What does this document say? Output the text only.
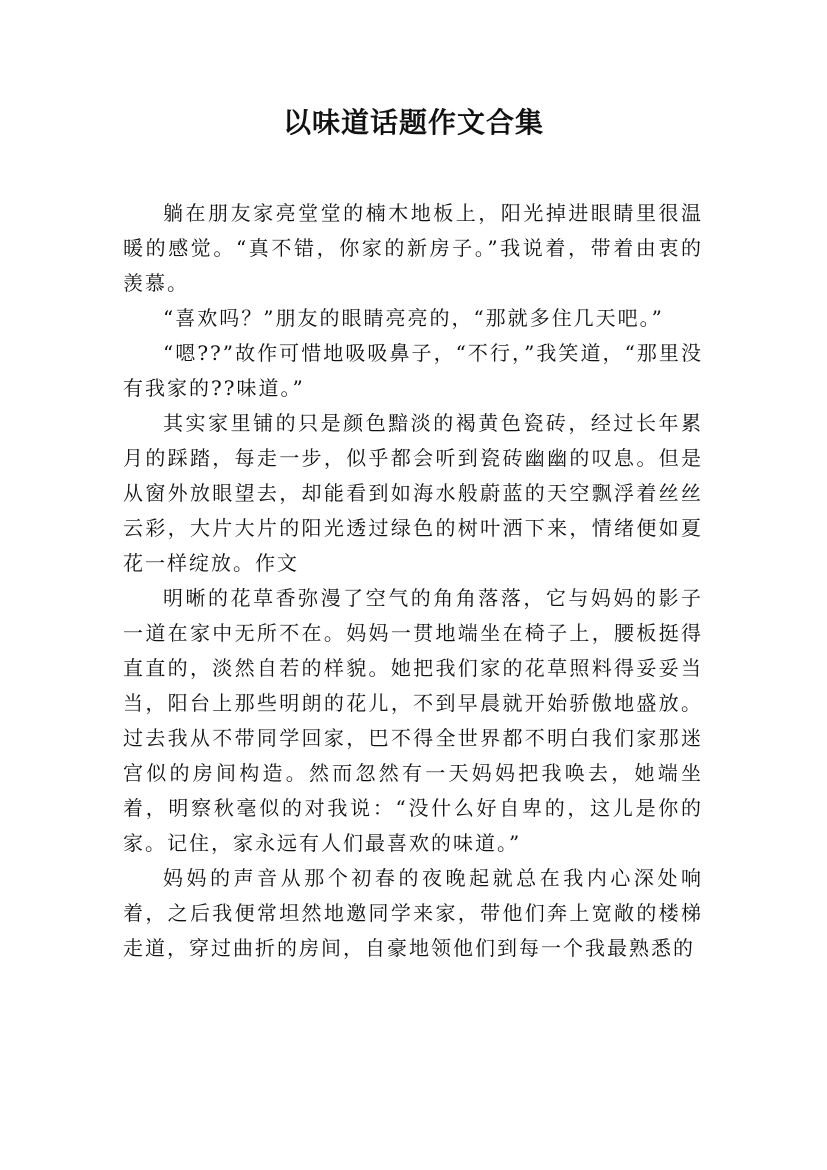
以味道话题作文合集

躺在朋友家亮堂堂的楠木地板上，阳光掉进眼睛里很温暖的感觉。“真不错，你家的新房子。”我说着，带着由衷的羡慕。

“喜欢吗？”朋友的眼睛亮亮的，“那就多住几天吧。”

“嗯??”故作可惜地吸吸鼻子，“不行，”我笑道，“那里没有我家的??味道。”

其实家里铺的只是颜色黯淡的褐黄色瓷砖，经过长年累月的踩踏，每走一步，似乎都会听到瓷砖幽幽的叹息。但是从窗外放眼望去，却能看到如海水般蔚蓝的天空飘浮着丝丝云彩，大片大片的阳光透过绿色的树叶洒下来，情绪便如夏花一样绽放。作文

明晰的花草香弥漫了空气的角角落落，它与妈妈的影子一道在家中无所不在。妈妈一贯地端坐在椅子上，腰板挺得直直的，淡然自若的样貌。她把我们家的花草照料得妥妥当当，阳台上那些明朗的花儿，不到早晨就开始骄傲地盛放。过去我从不带同学回家，巴不得全世界都不明白我们家那迷宫似的房间构造。然而忽然有一天妈妈把我唤去，她端坐着，明察秋毫似的对我说：“没什么好自卑的，这儿是你的家。记住，家永远有人们最喜欢的味道。”

妈妈的声音从那个初春的夜晚起就总在我内心深处响着，之后我便常坦然地邀同学来家，带他们奔上宽敞的楼梯走道，穿过曲折的房间，自豪地领他们到每一个我最熟悉的
